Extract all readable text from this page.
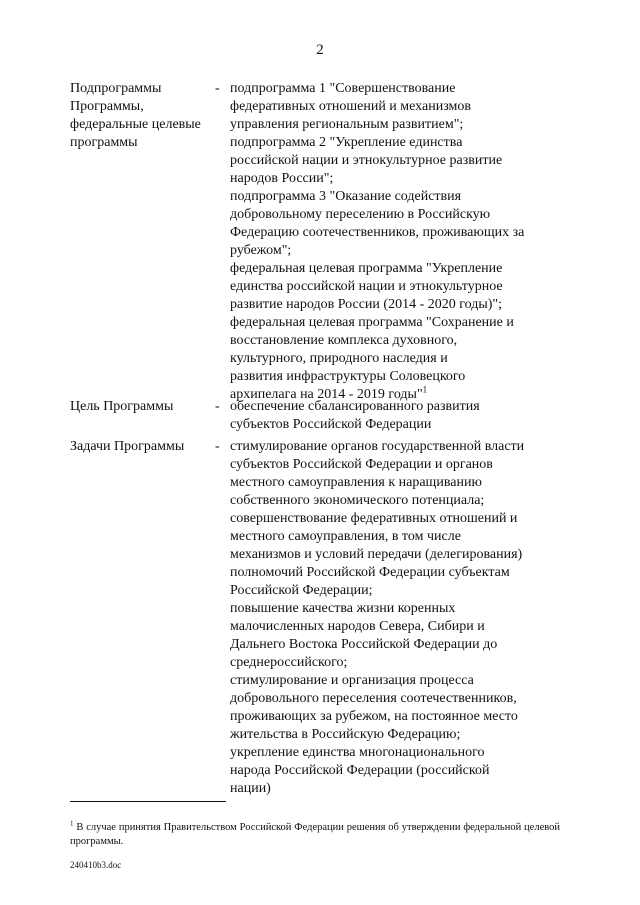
2
Подпрограммы Программы, федеральные целевые программы
- подпрограмма 1 "Совершенствование
федеративных отношений и механизмов
управления региональным развитием";
подпрограмма 2 "Укрепление единства
российской нации и этнокультурное развитие
народов России";
подпрограмма 3 "Оказание содействия
добровольному переселению в Российскую
Федерацию соотечественников, проживающих за
рубежом";
федеральная целевая программа "Укрепление
единства российской нации и этнокультурное
развитие народов России (2014 - 2020 годы)";
федеральная целевая программа "Сохранение и
восстановление комплекса духовного,
культурного, природного наследия и
развития инфраструктуры Соловецкого
архипелага на 2014 - 2019 годы"$^1$
Цель Программы	- обеспечение сбалансированного развития
субъектов Российской Федерации
Задачи Программы	- стимулирование органов государственной власти
субъектов Российской Федерации и органов
местного самоуправления к наращиванию
собственного экономического потенциала;
совершенствование федеративных отношений и
местного самоуправления, в том числе
механизмов и условий передачи (делегирования)
полномочий Российской Федерации субъектам
Российской Федерации;
повышение качества жизни коренных
малочисленных народов Севера, Сибири и
Дальнего Востока Российской Федерации до
среднероссийского;
стимулирование и организация процесса
добровольного переселения соотечественников,
проживающих за рубежом, на постоянное место
жительства в Российскую Федерацию;
укрепление единства многонационального
народа Российской Федерации (российской
нации)
$^1$ В случае принятия Правительством Российской Федерации решения об утверждении федеральной целевой программы.
240410b3.doc
